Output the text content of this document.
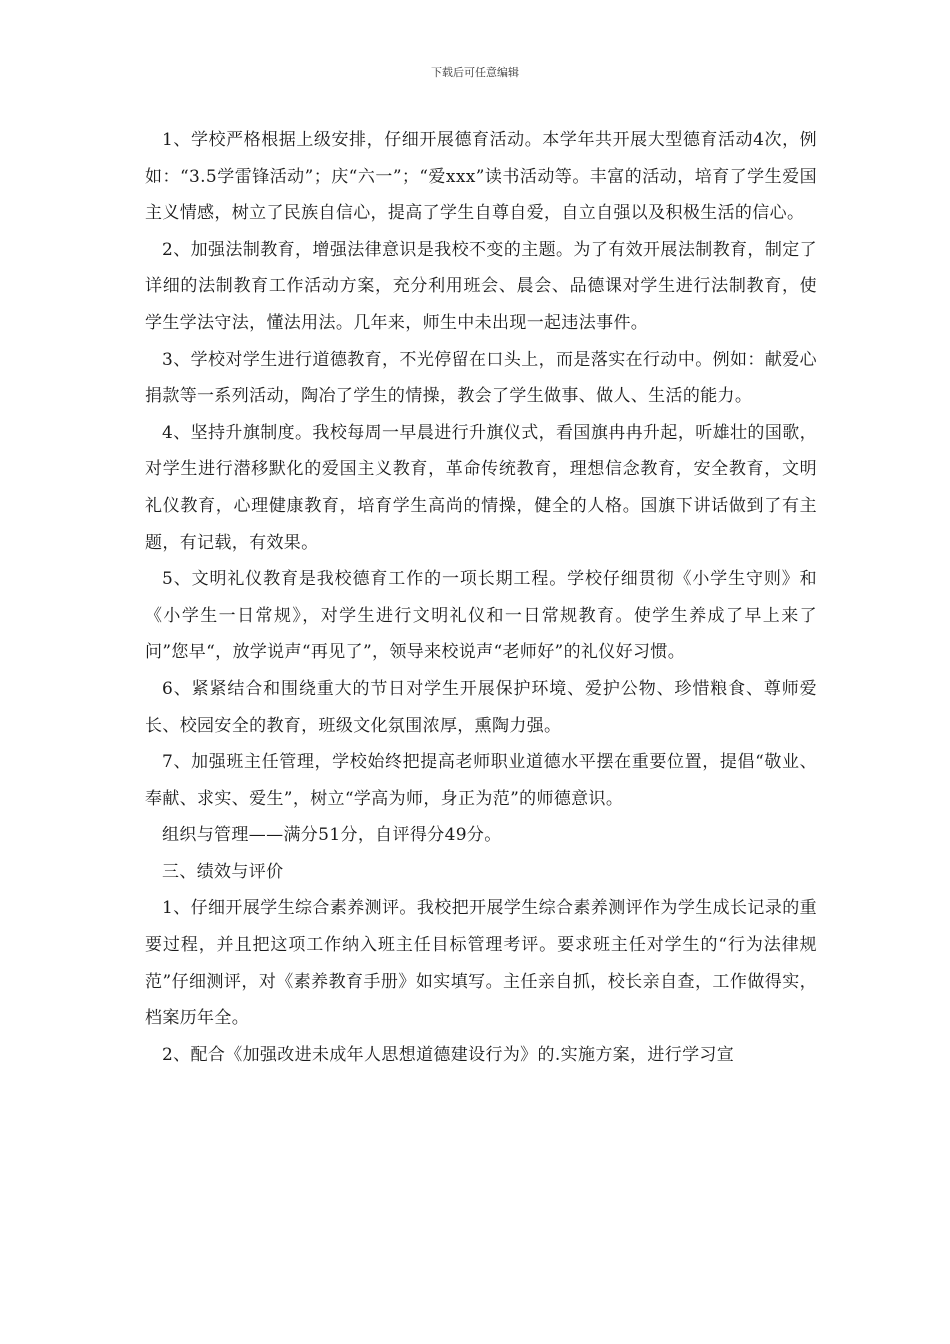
下载后可任意编辑

1、学校严格根据上级安排，仔细开展德育活动。本学年共开展大型德育活动4次，例如：“3.5学雷锋活动”；庆“六一”；“爱xxx”读书活动等。丰富的活动，培育了学生爱国主义情感，树立了民族自信心，提高了学生自尊自爱，自立自强以及积极生活的信心。

2、加强法制教育，增强法律意识是我校不变的主题。为了有效开展法制教育，制定了详细的法制教育工作活动方案，充分利用班会、晨会、品德课对学生进行法制教育，使学生学法守法，懂法用法。几年来，师生中未出现一起违法事件。

3、学校对学生进行道德教育，不光停留在口头上，而是落实在行动中。例如：献爱心捐款等一系列活动，陶冶了学生的情操，教会了学生做事、做人、生活的能力。

4、坚持升旗制度。我校每周一早晨进行升旗仪式，看国旗冉冉升起，听雄壮的国歌，对学生进行潜移默化的爱国主义教育，革命传统教育，理想信念教育，安全教育，文明礼仪教育，心理健康教育，培育学生高尚的情操，健全的人格。国旗下讲话做到了有主题，有记载，有效果。

5、文明礼仪教育是我校德育工作的一项长期工程。学校仔细贯彻《小学生守则》和《小学生一日常规》，对学生进行文明礼仪和一日常规教育。使学生养成了早上来了问”您早“，放学说声“再见了”，领导来校说声“老师好”的礼仪好习惯。

6、紧紧结合和围绕重大的节日对学生开展保护环境、爱护公物、珍惜粮食、尊师爱长、校园安全的教育，班级文化氛围浓厚，熏陶力强。

7、加强班主任管理，学校始终把提高老师职业道德水平摆在重要位置，提倡“敬业、奉献、求实、爱生”，树立“学高为师，身正为范”的师德意识。

组织与管理——满分51分，自评得分49分。

三、绩效与评价

1、仔细开展学生综合素养测评。我校把开展学生综合素养测评作为学生成长记录的重要过程，并且把这项工作纳入班主任目标管理考评。要求班主任对学生的“行为法律规范”仔细测评，对《素养教育手册》如实填写。主任亲自抓，校长亲自查，工作做得实，档案历年全。

2、配合《加强改进未成年人思想道德建设行为》的.实施方案，进行学习宣
